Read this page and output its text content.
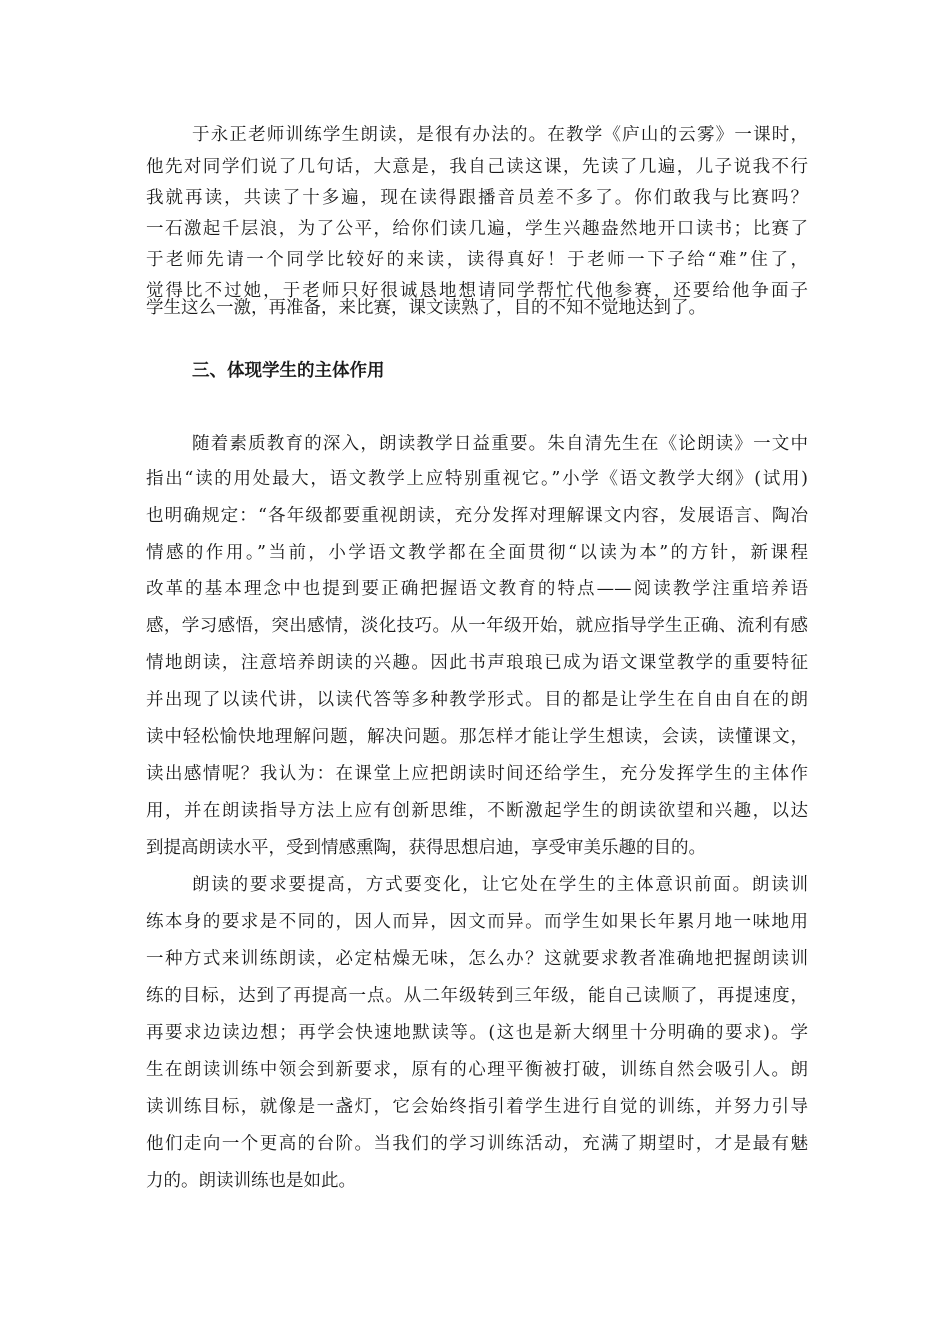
于永正老师训练学生朗读，是很有办法的。在教学《庐山的云雾》一课时，

他先对同学们说了几句话，大意是，我自己读这课，先读了几遍，儿子说我不行

我就再读，共读了十多遍，现在读得跟播音员差不多了。你们敢我与比赛吗？

一石激起千层浪，为了公平，给你们读几遍，学生兴趣盎然地开口读书；比赛了

于老师先请一个同学比较好的来读，读得真好！于老师一下子给“难”住了，

觉得比不过她，于老师只好很诚恳地想请同学帮忙代他参赛，还要给他争面子

学生这么一激，再准备，来比赛，课文读熟了，目的不知不觉地达到了。

三、体现学生的主体作用

随着素质教育的深入，朗读教学日益重要。朱自清先生在《论朗读》一文中

指出“读的用处最大，语文教学上应特别重视它。”小学《语文教学大纲》(试用)

也明确规定：“各年级都要重视朗读，充分发挥对理解课文内容，发展语言、陶冶

情感的作用。”当前，小学语文教学都在全面贯彻“以读为本”的方针，新课程

改革的基本理念中也提到要正确把握语文教育的特点——阅读教学注重培养语

感，学习感悟，突出感情，淡化技巧。从一年级开始，就应指导学生正确、流利有感

情地朗读，注意培养朗读的兴趣。因此书声琅琅已成为语文课堂教学的重要特征

并出现了以读代讲，以读代答等多种教学形式。目的都是让学生在自由自在的朗

读中轻松愉快地理解问题，解决问题。那怎样才能让学生想读，会读，读懂课文，

读出感情呢？我认为：在课堂上应把朗读时间还给学生，充分发挥学生的主体作

用，并在朗读指导方法上应有创新思维，不断激起学生的朗读欲望和兴趣，以达

到提高朗读水平，受到情感熏陶，获得思想启迪，享受审美乐趣的目的。

朗读的要求要提高，方式要变化，让它处在学生的主体意识前面。朗读训

练本身的要求是不同的，因人而异，因文而异。而学生如果长年累月地一味地用

一种方式来训练朗读，必定枯燥无味，怎么办？这就要求教者准确地把握朗读训

练的目标，达到了再提高一点。从二年级转到三年级，能自己读顺了，再提速度，

再要求边读边想；再学会快速地默读等。(这也是新大纲里十分明确的要求)。学

生在朗读训练中领会到新要求，原有的心理平衡被打破，训练自然会吸引人。朗

读训练目标，就像是一盏灯，它会始终指引着学生进行自觉的训练，并努力引导

他们走向一个更高的台阶。当我们的学习训练活动，充满了期望时，才是最有魅

力的。朗读训练也是如此。
